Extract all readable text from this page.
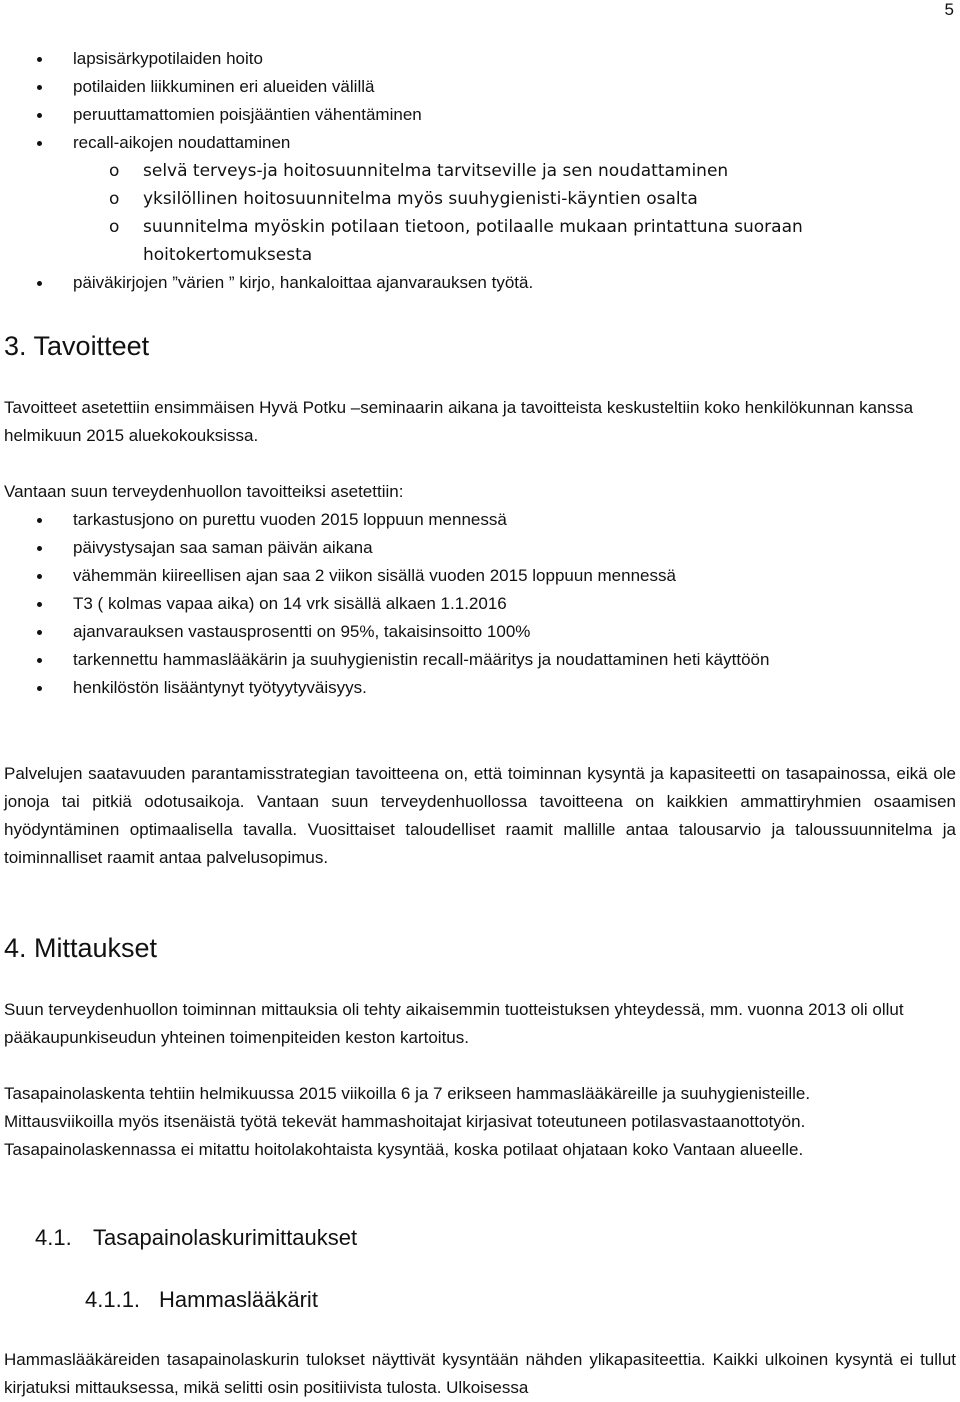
5
lapsisärkypotilaiden hoito
potilaiden liikkuminen eri alueiden välillä
peruuttamattomien poisjääntien vähentäminen
recall-aikojen noudattaminen
o selvä terveys-ja hoitosuunnitelma tarvitseville ja sen noudattaminen
o yksilöllinen hoitosuunnitelma myös suuhygienisti-käyntien osalta
o suunnitelma myöskin potilaan tietoon, potilaalle mukaan printattuna suoraan hoitokertomuksesta
päiväkirjojen ”värien ” kirjo, hankaloittaa ajanvarauksen työtä.
3. Tavoitteet

Tavoitteet asetettiin ensimmäisen Hyvä Potku –seminaarin aikana ja tavoitteista keskusteltiin koko henkilökunnan kanssa helmikuun 2015 aluekokouksissa.

Vantaan suun terveydenhuollon tavoitteiksi asetettiin:

tarkastusjono on purettu vuoden 2015 loppuun mennessä
päivystysajan saa saman päivän aikana
vähemmän kiireellisen ajan saa 2 viikon sisällä vuoden 2015 loppuun mennessä
T3 ( kolmas vapaa aika) on 14 vrk sisällä alkaen 1.1.2016
ajanvarauksen vastausprosentti on 95%, takaisinsoitto 100%
tarkennettu hammaslääkärin ja suuhygienistin recall-määritys ja noudattaminen heti käyttöön
henkilöstön lisääntynyt työtyytyväisyys.

Palvelujen saatavuuden parantamisstrategian tavoitteena on, että toiminnan kysyntä ja kapasiteetti on tasapainossa, eikä ole jonoja tai pitkiä odotusaikoja. Vantaan suun terveydenhuollossa tavoitteena on kaikkien ammattiryhmien osaamisen hyödyntäminen optimaalisella tavalla. Vuosittaiset taloudelliset raamit mallille antaa talousarvio ja taloussuunnitelma ja toiminnalliset raamit antaa palvelusopimus.

4. Mittaukset

Suun terveydenhuollon toiminnan mittauksia oli tehty aikaisemmin tuotteistuksen yhteydessä, mm. vuonna 2013 oli ollut pääkaupunkiseudun yhteinen toimenpiteiden keston kartoitus.

Tasapainolaskenta tehtiin helmikuussa 2015 viikoilla 6 ja 7 erikseen hammaslääkäreille ja suuhygienisteille. Mittausviikoilla myös itsenäistä työtä tekevät hammashoitajat kirjasivat toteutuneen potilasvastaanottotyön. Tasapainolaskennassa ei mitattu hoitolakohtaista kysyntää, koska potilaat ohjataan koko Vantaan alueelle.

4.1. Tasapainolaskurimittaukset
4.1.1. Hammaslääkärit

Hammaslääkäreiden tasapainolaskurin tulokset näyttivät kysyntään nähden ylikapasiteettia. Kaikki ulkoinen kysyntä ei tullut kirjatuksi mittauksessa, mikä selitti osin positiivista tulosta. Ulkoisessa
